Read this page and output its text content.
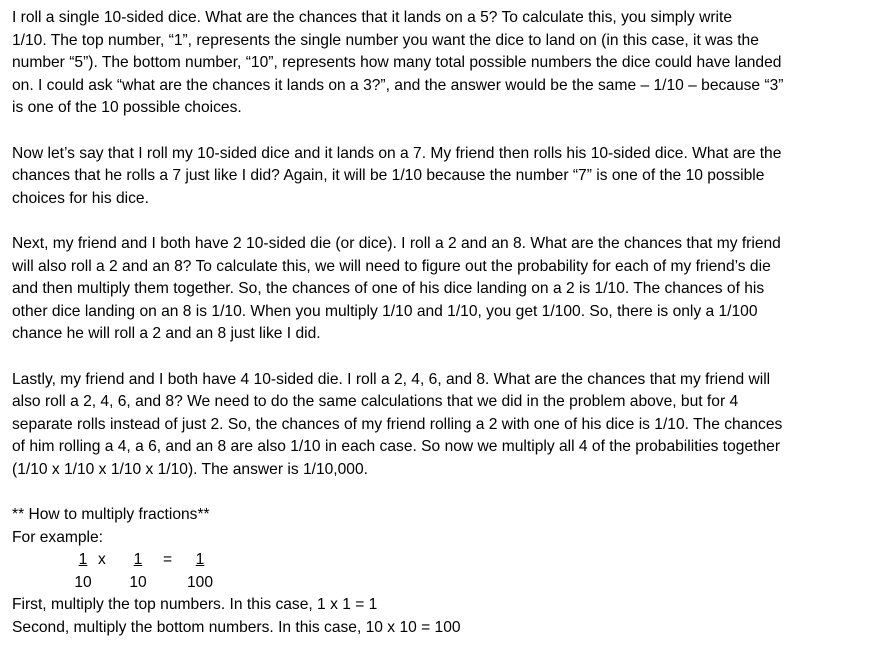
I roll a single 10-sided dice. What are the chances that it lands on a 5? To calculate this, you simply write
1/10. The top number, “1”, represents the single number you want the dice to land on (in this case, it was the
number “5”). The bottom number, “10”, represents how many total possible numbers the dice could have landed
on. I could ask “what are the chances it lands on a 3?”, and the answer would be the same – 1/10 – because “3”
is one of the 10 possible choices.
Now let’s say that I roll my 10-sided dice and it lands on a 7. My friend then rolls his 10-sided dice. What are the
chances that he rolls a 7 just like I did? Again, it will be 1/10 because the number “7” is one of the 10 possible
choices for his dice.
Next, my friend and I both have 2 10-sided die (or dice). I roll a 2 and an 8. What are the chances that my friend
will also roll a 2 and an 8? To calculate this, we will need to figure out the probability for each of my friend’s die
and then multiply them together. So, the chances of one of his dice landing on a 2 is 1/10. The chances of his
other dice landing on an 8 is 1/10. When you multiply 1/10 and 1/10, you get 1/100. So, there is only a 1/100
chance he will roll a 2 and an 8 just like I did.
Lastly, my friend and I both have 4 10-sided die. I roll a 2, 4, 6, and 8. What are the chances that my friend will
also roll a 2, 4, 6, and 8? We need to do the same calculations that we did in the problem above, but for 4
separate rolls instead of just 2. So, the chances of my friend rolling a 2 with one of his dice is 1/10. The chances
of him rolling a 4, a 6, and an 8 are also 1/10 in each case. So now we multiply all 4 of the probabilities together
(1/10 x 1/10 x 1/10 x 1/10). The answer is 1/10,000.
** How to multiply fractions**
For example:
$\frac{1}{10}$ x $\frac{1}{10} = \frac{1}{100}$
First, multiply the top numbers. In this case, 1 x 1 = 1
Second, multiply the bottom numbers. In this case, 10 x 10 = 100
